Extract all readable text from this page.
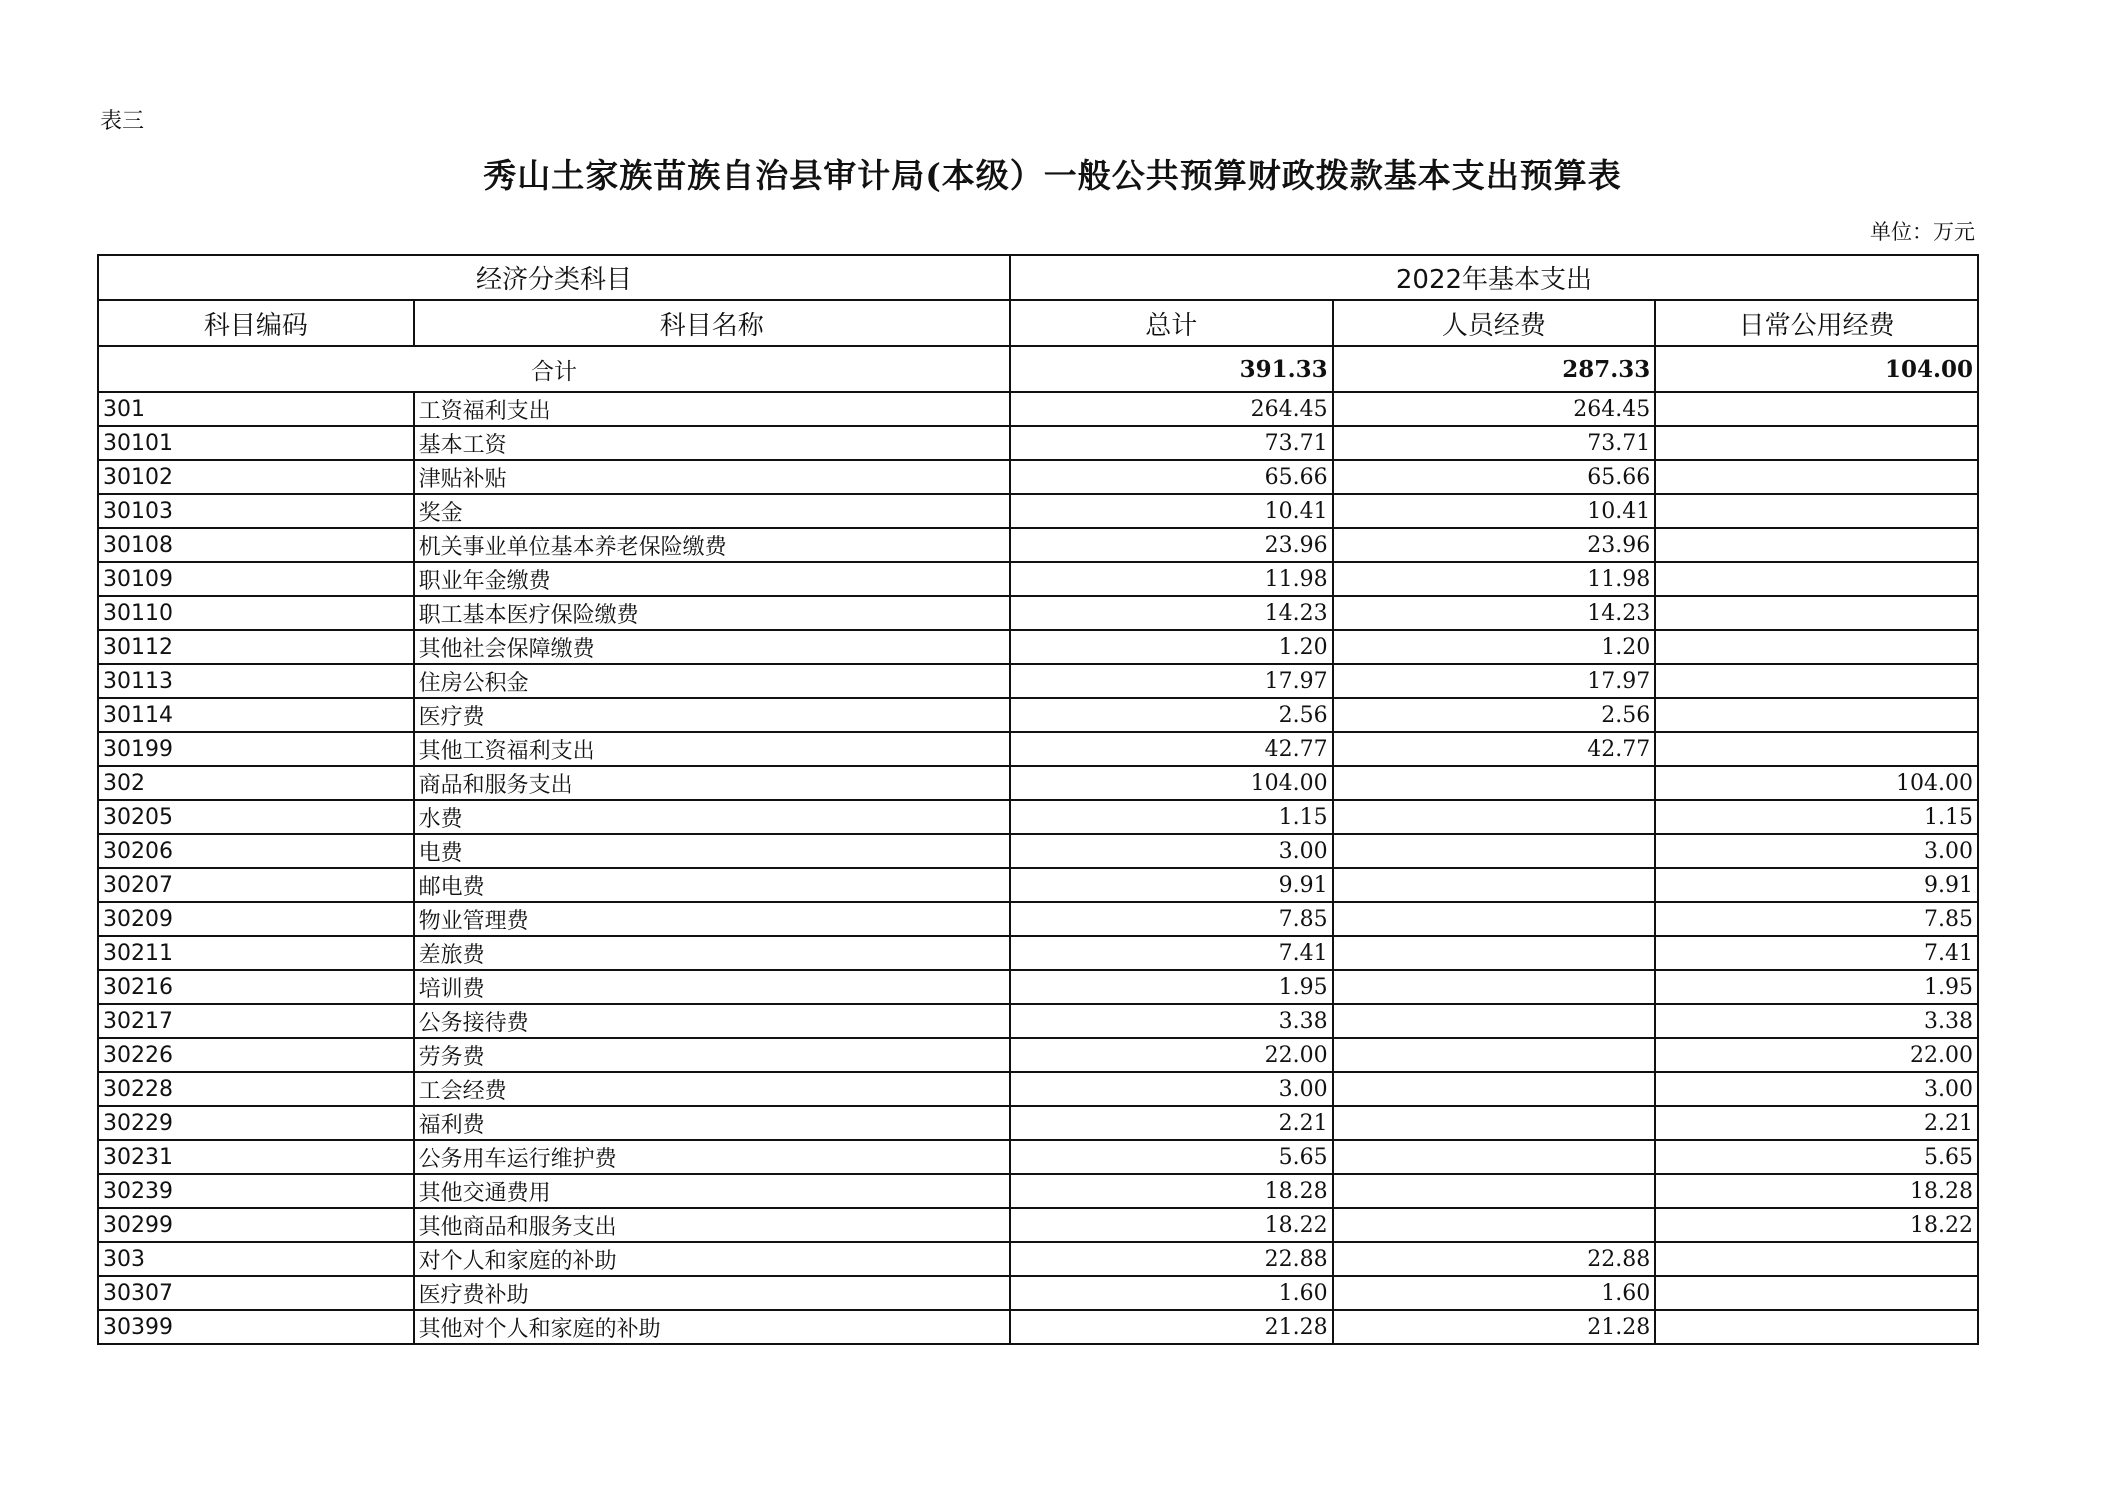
表三
秀山土家族苗族自治县审计局(本级）一般公共预算财政拨款基本支出预算表
单位：万元
经济分类科目		2022年基本支出		
科目编码	科目名称	总计	人员经费	日常公用经费
合计		391.33	287.33	104.00
301	工资福利支出	264.45	264.45	
30101	基本工资	73.71	73.71	
30102	津贴补贴	65.66	65.66	
30103	奖金	10.41	10.41	
30108	机关事业单位基本养老保险缴费	23.96	23.96	
30109	职业年金缴费	11.98	11.98	
30110	职工基本医疗保险缴费	14.23	14.23	
30112	其他社会保障缴费	1.20	1.20	
30113	住房公积金	17.97	17.97	
30114	医疗费	2.56	2.56	
30199	其他工资福利支出	42.77	42.77	
302	商品和服务支出	104.00		104.00
30205	水费	1.15		1.15
30206	电费	3.00		3.00
30207	邮电费	9.91		9.91
30209	物业管理费	7.85		7.85
30211	差旅费	7.41		7.41
30216	培训费	1.95		1.95
30217	公务接待费	3.38		3.38
30226	劳务费	22.00		22.00
30228	工会经费	3.00		3.00
30229	福利费	2.21		2.21
30231	公务用车运行维护费	5.65		5.65
30239	其他交通费用	18.28		18.28
30299	其他商品和服务支出	18.22		18.22
303	对个人和家庭的补助	22.88	22.88	
30307	医疗费补助	1.60	1.60	
30399	其他对个人和家庭的补助	21.28	21.28	
